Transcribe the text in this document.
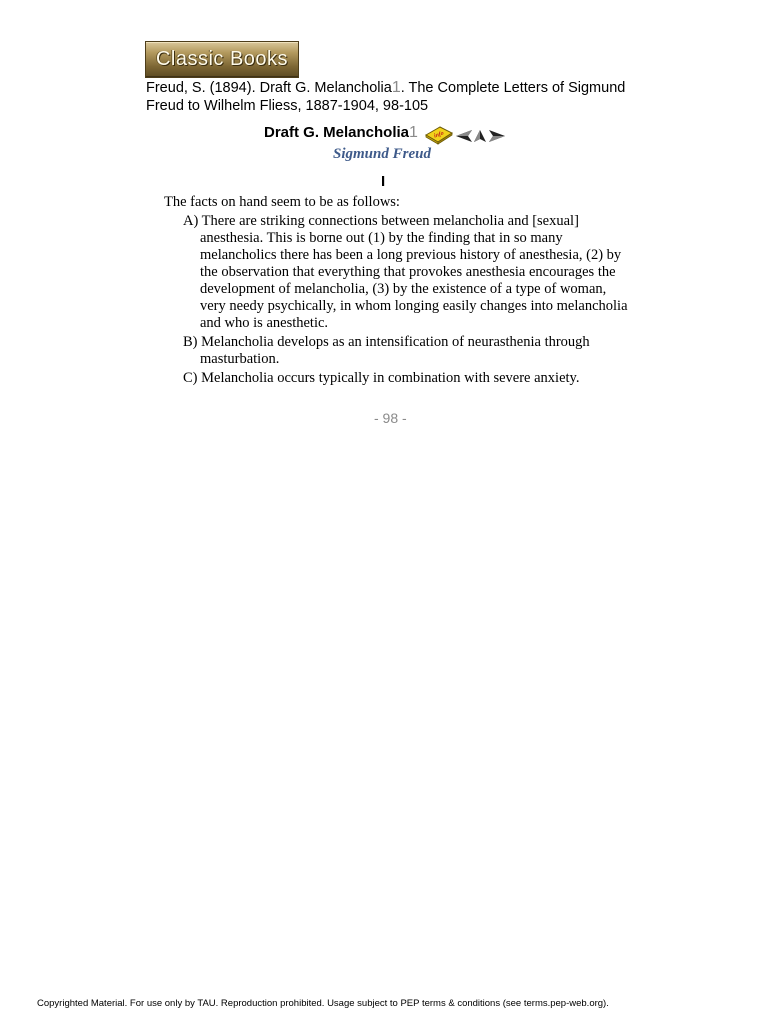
Classic Books
Freud, S. (1894). Draft G. Melancholia1. The Complete Letters of Sigmund Freud to Wilhelm Fliess, 1887-1904, 98-105
Draft G. Melancholia1	info
Sigmund Freud
I

The facts on hand seem to be as follows:

A) There are striking connections between melancholia and [sexual] anesthesia. This is borne out (1) by the finding that in so many melancholics there has been a long previous history of anesthesia, (2) by the observation that everything that provokes anesthesia encourages the development of melancholia, (3) by the existence of a type of woman, very needy psychically, in whom longing easily changes into melancholia and who is anesthetic.

B) Melancholia develops as an intensification of neurasthenia through masturbation.

C) Melancholia occurs typically in combination with severe anxiety.

- 98 -
Copyrighted Material. For use only by TAU. Reproduction prohibited. Usage subject to PEP terms & conditions (see terms.pep-web.org).
